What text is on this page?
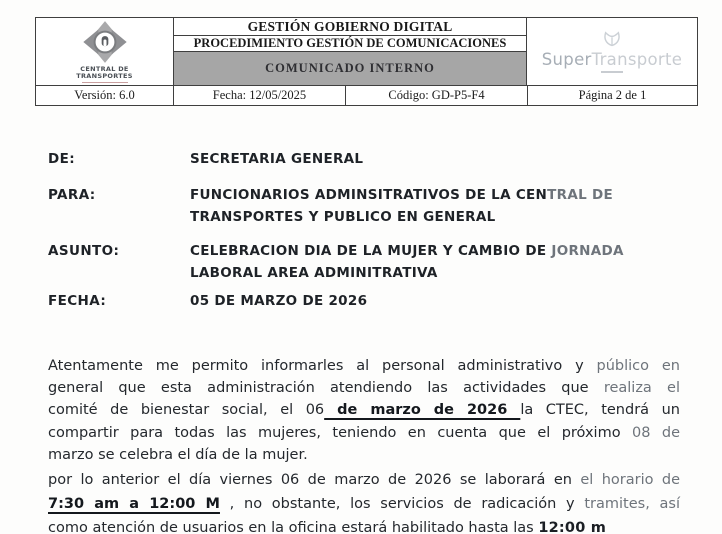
CENTRAL DE
TRANSPORTES
GESTIÓN GOBIERNO DIGITAL
PROCEDIMIENTO GESTIÓN DE COMUNICACIONES
COMUNICADO INTERNO	SuperTransporte
Versión: 6.0	Fecha: 12/05/2025	Código: GD-P5-F4	Página 2 de 1
DE:	SECRETARIA GENERAL
PARA:	FUNCIONARIOS ADMINSITRATIVOS DE LA CENTRAL DE
TRANSPORTES Y PUBLICO EN GENERAL
ASUNTO:	CELEBRACION DIA DE LA MUJER Y CAMBIO DE JORNADA
LABORAL AREA ADMINITRATIVA
FECHA:	05 DE MARZO DE 2026
Atentamente me permito informarles al personal administrativo y público en
general que esta administración atendiendo las actividades que realiza el
comité de bienestar social, el 06 de marzo de 2026 la CTEC, tendrá un
compartir para todas las mujeres, teniendo en cuenta que el próximo 08 de
marzo se celebra el día de la mujer.
por lo anterior el día viernes 06 de marzo de 2026 se laborará en el horario de
7:30 am a 12:00 M , no obstante, los servicios de radicación y tramites, así
como atención de usuarios en la oficina estará habilitado hasta las 12:00 m
